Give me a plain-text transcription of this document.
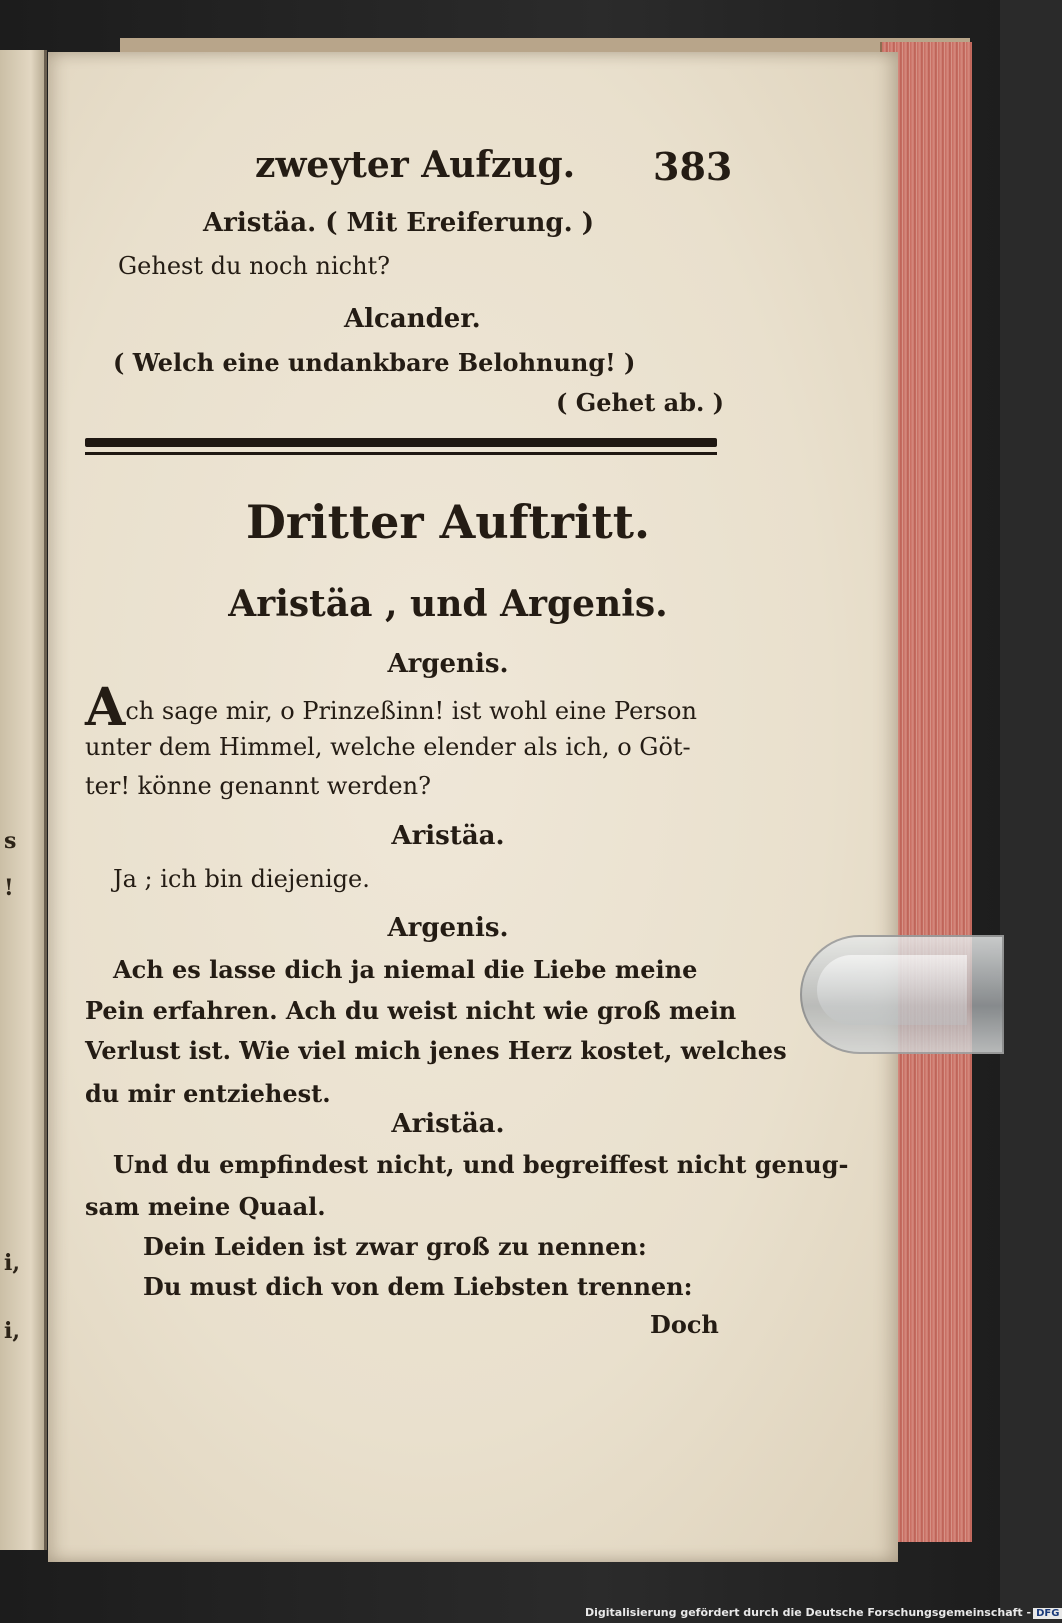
s
!
i,
i,
zweyter Aufzug. 383
Aristäa. ( Mit Ereiferung. )
Gehest du noch nicht?
Alcander.
( Welch eine undankbare Belohnung! )
( Gehet ab. )
Dritter Auftritt.
Aristäa , und Argenis.
Argenis.
Ach sage mir, o Prinzeßinn! ist wohl eine Person
unter dem Himmel, welche elender als ich, o Göt-
ter! könne genannt werden?
Aristäa.
Ja ; ich bin diejenige.
Argenis.
Ach es lasse dich ja niemal die Liebe meine
Pein erfahren. Ach du weist nicht wie groß mein
Verlust ist. Wie viel mich jenes Herz kostet, welches
du mir entziehest.
Aristäa.
Und du empfindest nicht, und begreiffest nicht genug-
sam meine Quaal.
Dein Leiden ist zwar groß zu nennen:
Du must dich von dem Liebsten trennen:
Doch
Digitalisierung gefördert durch die Deutsche Forschungsgemeinschaft - DFG
